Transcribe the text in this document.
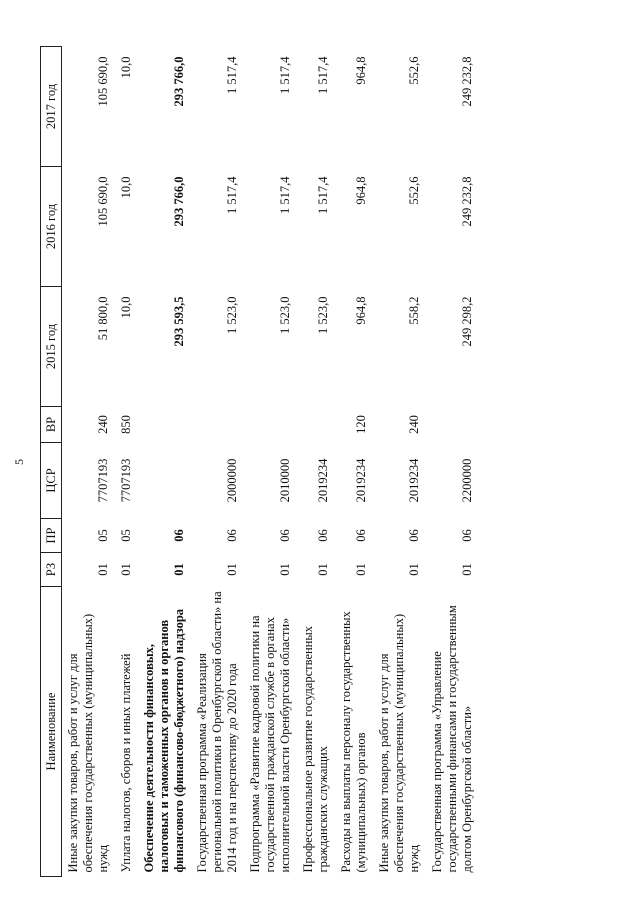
5
Наименование	РЗ	ПР	ЦСР	ВР	2015 год	2016 год	2017 год
Иные закупки товаров, работ и услуг для обеспечения государственных (муниципальных) нужд	01	05	7707193	240	51 800,0	105 690,0	105 690,0
Уплата налогов, сборов и иных платежей	01	05	7707193	850	10,0	10,0	10,0
Обеспечение деятельности финансовых, налоговых и таможенных органов и органов финансового (финансово-бюджетного) надзора	01	06			293 593,5	293 766,0	293 766,0
Государственная программа «Реализация региональной политики в Оренбургской области» на 2014 год и на перспективу до 2020 года	01	06	2000000		1 523,0	1 517,4	1 517,4
Подпрограмма «Развитие кадровой политики на государственной гражданской службе в органах исполнительной власти Оренбургской области»	01	06	2010000		1 523,0	1 517,4	1 517,4
Профессиональное развитие государственных гражданских служащих	01	06	2019234		1 523,0	1 517,4	1 517,4
Расходы на выплаты персоналу государственных (муниципальных) органов	01	06	2019234	120	964,8	964,8	964,8
Иные закупки товаров, работ и услуг для обеспечения государственных (муниципальных) нужд	01	06	2019234	240	558,2	552,6	552,6
Государственная программа «Управление государственными финансами и государственным долгом Оренбургской области»	01	06	2200000		249 298,2	249 232,8	249 232,8
